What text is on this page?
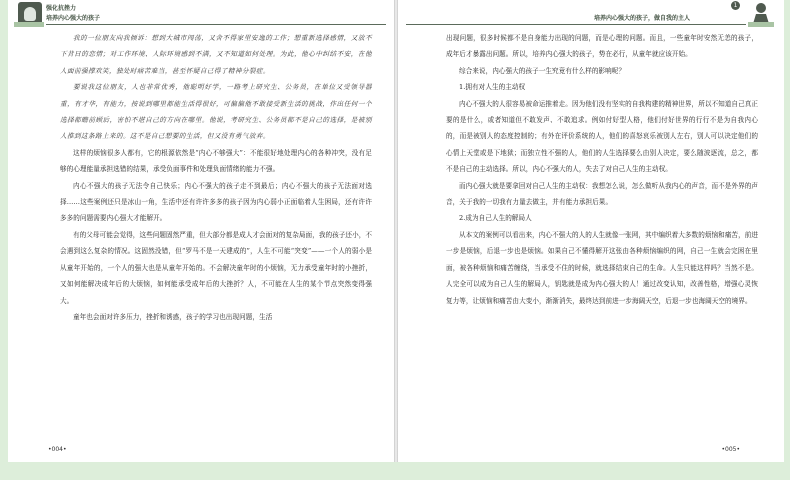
强化抗挫力
培养内心强大的孩子

我的一位朋友向我倾诉：想到大城市闯荡，又舍不得家里安逸的工作；想重新选择感情，又放不下昔日的恋情；对工作环境、人际环境感到不满，又不知道如何处理。为此，他心中纠结不安，在他人面前强撑欢笑，独处时痛苦难当，甚至怀疑自己得了精神分裂症。

要说我这位朋友，人也非常优秀，他聪明好学，一路考上研究生、公务员，在单位又受领导器重，有才华，有能力，按说到哪里都能生活得很好，可偏偏他不敢接受新生活的挑战，作出任何一个选择都瞻前顾后，害怕不堪自己的方向在哪里。他说，考研究生、公务员都不是自己的选择，是被别人推到这条路上来的。这不是自己想要的生活，但又没有勇气放弃。

这样的烦恼很多人都有，它的根源依然是“内心不够强大”：不能很好地处理内心的各种冲突，没有足够的心理能量承担选错的结果，承受负面事件和处理负面情绪的能力不强。

内心不强大的孩子无法令自己快乐；内心不强大的孩子走不到最后；内心不强大的孩子无法面对选择……这些案例还只是冰山一角，生活中还有许许多多的孩子因为内心弱小正面临着人生困局，还有许许多多的问题需要内心强大才能解开。

有的父母可能会觉得，这些问题固然严重，但大部分都是成人才会面对的复杂局面，我的孩子还小，不会遇到这么复杂的情况。这固然没错，但“罗马不是一天建成的”，人生不可能“突变”——一个人的弱小是从童年开始的，一个人的强大也是从童年开始的。不会解决童年时的小烦恼，无力承受童年时的小挫折，又如何能解决成年后的大烦恼，如何能承受成年后的大挫折？人，不可能在人生的某个节点突然变得强大。

童年也会面对许多压力，挫折和诱惑，孩子的学习也出现问题，生活

•004•
培养内心强大的孩子，做自我的主人
1

出现问题，很多时候都不是自身能力出现的问题，而是心理的问题。而且，一些童年时安然无恙的孩子，成年后才暴露出问题。所以，培养内心强大的孩子，势在必行，从童年就应该开始。

综合来说，内心强大的孩子一生究竟有什么样的影响呢？

1.拥有对人生的主动权

内心不强大的人很容易被命运推着走。因为他们没有坚实的自我构建的精神世界，所以不知道自己真正要的是什么，或者知道但不敢发声、不敢追求。例如付好型人格，他们付好世界的行行不是为自我内心的，而是被别人的态度控制的；有外在评价系统的人，他们的喜怒哀乐被别人左右，别人可以决定他们的心情上天堂或是下地狱；而独立性不强的人，他们的人生选择要么由别人决定，要么随波逐流，总之，都不是自己的主动选择。所以，内心不强大的人，失去了对自己人生的主动权。

而内心强大就是要拿回对自己人生的主动权：我想怎么说，怎么做听从我内心的声音，而不是外界的声音，关于我的一切我有力量去做主，并有能力承担后果。

2.成为自己人生的解局人

从本文的案例可以看出来，内心不强大的人的人生就像一张网，其中编织着大多数的烦恼和痛苦，前进一步是烦恼，后退一步也是烦恼。如果自己不懂得解开这张由各种烦恼编织的网，自己一生就会完困在里面，被各种烦恼和痛苦缠绕，当承受不住的时候，就选择结束自己的生命。人生只能这样吗？当然不是。人完全可以成为自己人生的解局人，钥匙就是成为内心强大的人！通过改变认知，改善性格，增强心灵恢复力等，让烦恼和痛苦由大变小，渐渐消失，最终达到前进一步海阔天空，后退一步也海阔天空的境界。

•005•
